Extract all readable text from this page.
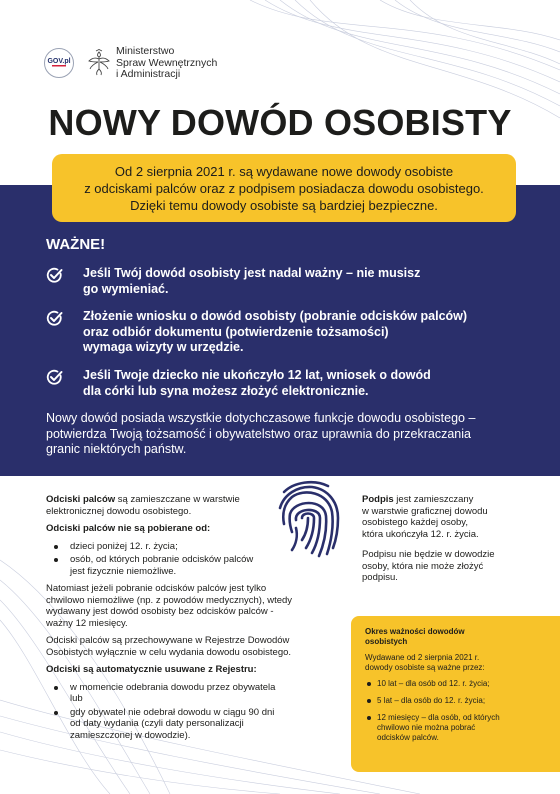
GOV.pl
Ministerstwo
Spraw Wewnętrznych
i Administracji
NOWY DOWÓD OSOBISTY
Od 2 sierpnia 2021 r. są wydawane nowe dowody osobiste
z odciskami palców oraz z podpisem posiadacza dowodu osobistego.
Dzięki temu dowody osobiste są bardziej bezpieczne.
WAŻNE!
Jeśli Twój dowód osobisty jest nadal ważny – nie musisz
go wymieniać.
Złożenie wniosku o dowód osobisty (pobranie odcisków palców)
oraz odbiór dokumentu (potwierdzenie tożsamości)
wymaga wizyty w urzędzie.
Jeśli Twoje dziecko nie ukończyło 12 lat, wniosek o dowód
dla córki lub syna możesz złożyć elektronicznie.
Nowy dowód posiada wszystkie dotychczasowe funkcje dowodu osobistego –
potwierdza Twoją tożsamość i obywatelstwo oraz uprawnia do przekraczania
granic niektórych państw.

Odciski palców są zamieszczane w warstwie
elektronicznej dowodu osobistego.

Odciski palców nie są pobierane od:

dzieci poniżej 12. r. życia;
osób, od których pobranie odcisków palców
jest fizycznie niemożliwe.

Natomiast jeżeli pobranie odcisków palców jest tylko
chwilowo niemożliwe (np. z powodów medycznych), wtedy
wydawany jest dowód osobisty bez odcisków palców -
ważny 12 miesięcy.

Odciski palców są przechowywane w Rejestrze Dowodów
Osobistych wyłącznie w celu wydania dowodu osobistego.

Odciski są automatycznie usuwane z Rejestru:

w momencie odebrania dowodu przez obywatela
lub
gdy obywatel nie odebrał dowodu w ciągu 90 dni
od daty wydania (czyli daty personalizacji
zamieszczonej w dowodzie).

Podpis jest zamieszczany
w warstwie graficznej dowodu
osobistego każdej osoby,
która ukończyła 12. r. życia.

Podpisu nie będzie w dowodzie
osoby, która nie może złożyć
podpisu.

Okres ważności dowodów
osobistych
Wydawane od 2 sierpnia 2021 r.
dowody osobiste są ważne przez:
10 lat – dla osób od 12. r. życia;
5 lat – dla osób do 12. r. życia;
12 miesięcy – dla osób, od których
chwilowo nie można pobrać
odcisków palców.
